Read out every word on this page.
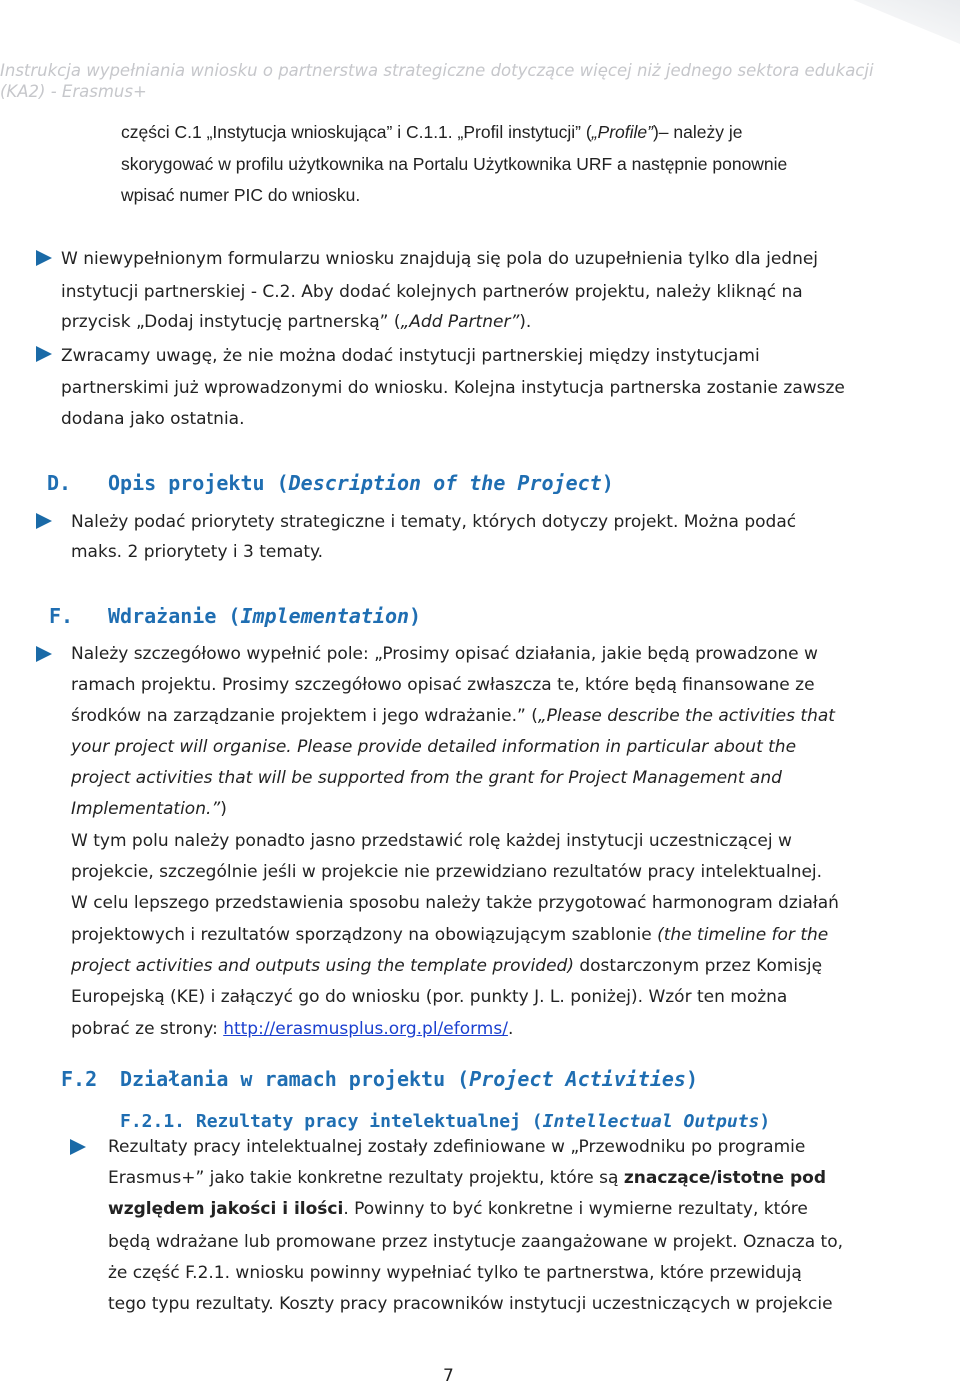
Instrukcja wypełniania wniosku o partnerstwa strategiczne dotyczące więcej niż jednego sektora edukacji
(KA2) - Erasmus+
części C.1 „Instytucja wnioskująca” i C.1.1. „Profil instytucji” („Profile”)– należy je
skorygować w profilu użytkownika na Portalu Użytkownika URF a następnie ponownie
wpisać numer PIC do wniosku.
W niewypełnionym formularzu wniosku znajdują się pola do uzupełnienia tylko dla jednej
instytucji partnerskiej - C.2. Aby dodać kolejnych partnerów projektu, należy kliknąć na
przycisk „Dodaj instytucję partnerską” („Add Partner”).
Zwracamy uwagę, że nie można dodać instytucji partnerskiej między instytucjami
partnerskimi już wprowadzonymi do wniosku. Kolejna instytucja partnerska zostanie zawsze
dodana jako ostatnia.
D. Opis projektu (Description of the Project)
Należy podać priorytety strategiczne i tematy, których dotyczy projekt. Można podać
maks. 2 priorytety i 3 tematy.
F. Wdrażanie (Implementation)
Należy szczegółowo wypełnić pole: „Prosimy opisać działania, jakie będą prowadzone w
ramach projektu. Prosimy szczegółowo opisać zwłaszcza te, które będą finansowane ze
środków na zarządzanie projektem i jego wdrażanie.” („Please describe the activities that
your project will organise. Please provide detailed information in particular about the
project activities that will be supported from the grant for Project Management and
Implementation.”)
W tym polu należy ponadto jasno przedstawić rolę każdej instytucji uczestniczącej w
projekcie, szczególnie jeśli w projekcie nie przewidziano rezultatów pracy intelektualnej.
W celu lepszego przedstawienia sposobu należy także przygotować harmonogram działań
projektowych i rezultatów sporządzony na obowiązującym szablonie (the timeline for the
project activities and outputs using the template provided) dostarczonym przez Komisję
Europejską (KE) i załączyć go do wniosku (por. punkty J. L. poniżej). Wzór ten można
pobrać ze strony: http://erasmusplus.org.pl/eforms/.
F.2 Działania w ramach projektu (Project Activities)
F.2.1. Rezultaty pracy intelektualnej (Intellectual Outputs)
Rezultaty pracy intelektualnej zostały zdefiniowane w „Przewodniku po programie
Erasmus+” jako takie konkretne rezultaty projektu, które są znaczące/istotne pod
względem jakości i ilości. Powinny to być konkretne i wymierne rezultaty, które
będą wdrażane lub promowane przez instytucje zaangażowane w projekt. Oznacza to,
że część F.2.1. wniosku powinny wypełniać tylko te partnerstwa, które przewidują
tego typu rezultaty. Koszty pracy pracowników instytucji uczestniczących w projekcie
7
